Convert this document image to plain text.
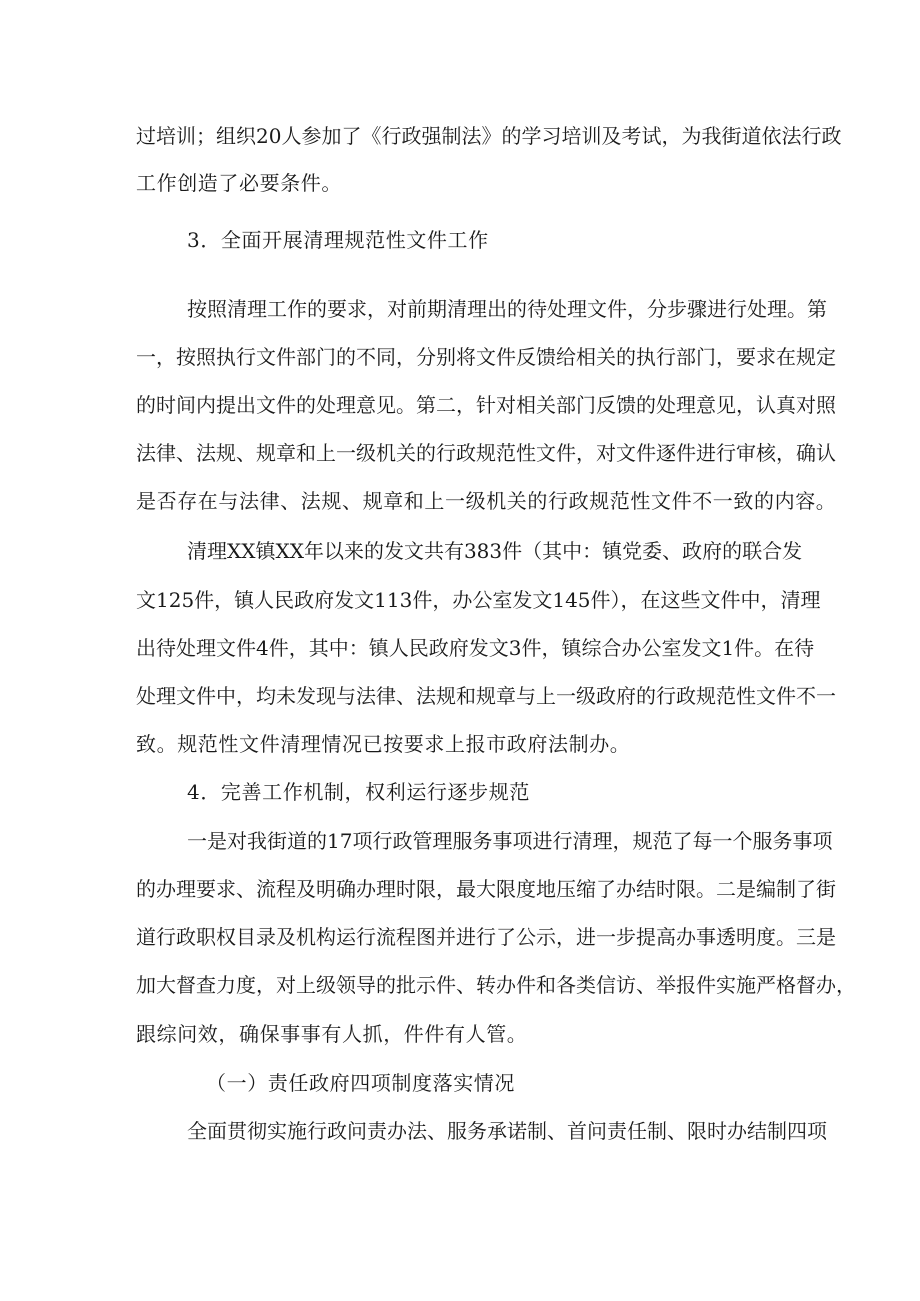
过培训；组织20人参加了《行政强制法》的学习培训及考试，为我街道依法行政
工作创造了必要条件。
3．全面开展清理规范性文件工作
按照清理工作的要求，对前期清理出的待处理文件，分步骤进行处理。第
一，按照执行文件部门的不同，分别将文件反馈给相关的执行部门，要求在规定
的时间内提出文件的处理意见。第二，针对相关部门反馈的处理意见，认真对照
法律、法规、规章和上一级机关的行政规范性文件，对文件逐件进行审核，确认
是否存在与法律、法规、规章和上一级机关的行政规范性文件不一致的内容。
清理XX镇XX年以来的发文共有383件（其中：镇党委、政府的联合发
文125件，镇人民政府发文113件，办公室发文145件），在这些文件中，清理
出待处理文件4件，其中：镇人民政府发文3件，镇综合办公室发文1件。在待
处理文件中，均未发现与法律、法规和规章与上一级政府的行政规范性文件不一
致。规范性文件清理情况已按要求上报市政府法制办。
4．完善工作机制，权利运行逐步规范
一是对我街道的17项行政管理服务事项进行清理，规范了每一个服务事项
的办理要求、流程及明确办理时限，最大限度地压缩了办结时限。二是编制了街
道行政职权目录及机构运行流程图并进行了公示，进一步提高办事透明度。三是
加大督查力度，对上级领导的批示件、转办件和各类信访、举报件实施严格督办，
跟综问效，确保事事有人抓，件件有人管。
（一）责任政府四项制度落实情况
全面贯彻实施行政问责办法、服务承诺制、首问责任制、限时办结制四项
